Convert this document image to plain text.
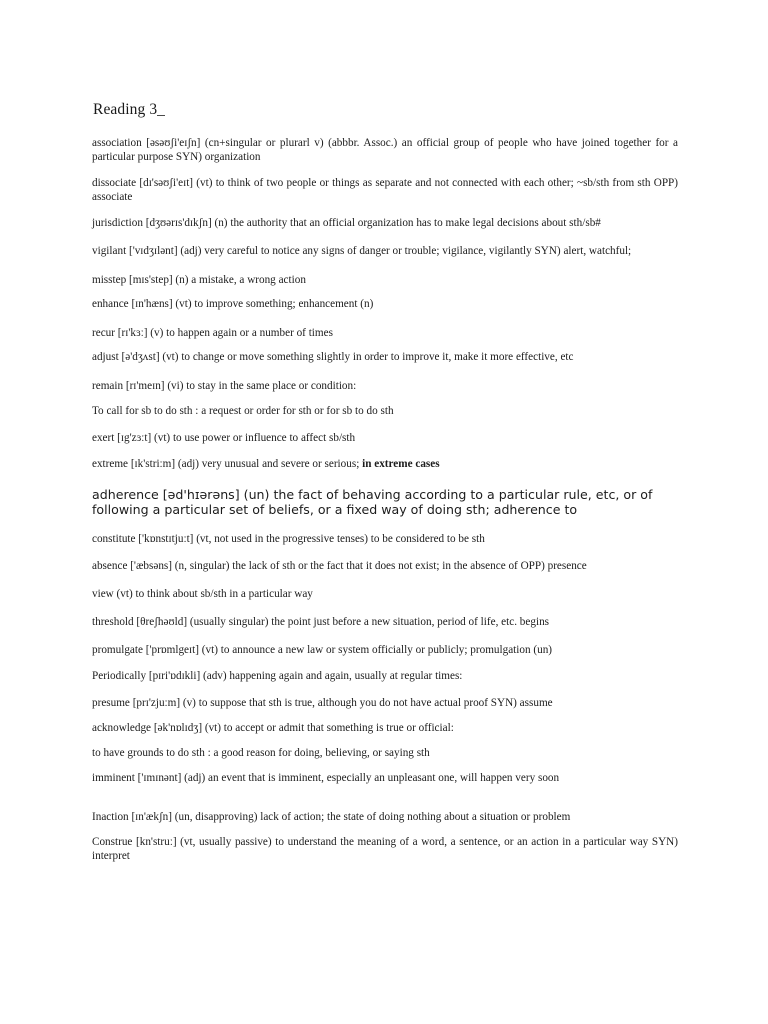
Reading 3_

association [əsəʊʃi'eɪʃn] (cn+singular or plurarl v) (abbbr. Assoc.) an official group of people who have joined together for a particular purpose SYN) organization

dissociate [dɪ'səʊʃi'eɪt] (vt) to think of two people or things as separate and not connected with each other; ~sb/sth from sth OPP) associate

jurisdiction [dʒʊərɪs'dɪkʃn] (n) the authority that an official organization has to make legal decisions about sth/sb#

vigilant ['vɪdʒɪlənt] (adj) very careful to notice any signs of danger or trouble; vigilance, vigilantly SYN) alert, watchful;

misstep [mɪs'step] (n) a mistake, a wrong action

enhance [ɪn'hæns] (vt) to improve something; enhancement (n)

recur [rɪ'kɜː] (v) to happen again or a number of times

adjust [ə'dʒʌst] (vt) to change or move something slightly in order to improve it, make it more effective, etc

remain [rɪ'meɪn] (vi) to stay in the same place or condition:

To call for sb to do sth : a request or order for sth or for sb to do sth

exert [ɪg'zɜːt] (vt) to use power or influence to affect sb/sth

extreme [ɪk'striːm] (adj) very unusual and severe or serious; in extreme cases

adherence [əd'hɪərəns] (un) the fact of behaving according to a particular rule, etc, or of following a particular set of beliefs, or a fixed way of doing sth; adherence to

constitute ['kɒnstɪtjuːt] (vt, not used in the progressive tenses) to be considered to be sth

absence ['æbsəns] (n, singular) the lack of sth or the fact that it does not exist; in the absence of OPP) presence

view (vt) to think about sb/sth in a particular way

threshold [θreʃhəʊld] (usually singular) the point just before a new situation, period of life, etc. begins

promulgate ['prɒmlgeɪt] (vt) to announce a new law or system officially or publicly; promulgation (un)

Periodically [pɪri'ɒdɪkli] (adv) happening again and again, usually at regular times:

presume [prɪ'zjuːm] (v) to suppose that sth is true, although you do not have actual proof SYN) assume

acknowledge [ək'nɒlɪdʒ] (vt) to accept or admit that something is true or official:

to have grounds to do sth : a good reason for doing, believing, or saying sth

imminent ['ɪmɪnənt] (adj) an event that is imminent, especially an unpleasant one, will happen very soon

Inaction [ɪn'ækʃn] (un, disapproving) lack of action; the state of doing nothing about a situation or problem

Construe [kn'struː] (vt, usually passive) to understand the meaning of a word, a sentence, or an action in a particular way SYN) interpret
